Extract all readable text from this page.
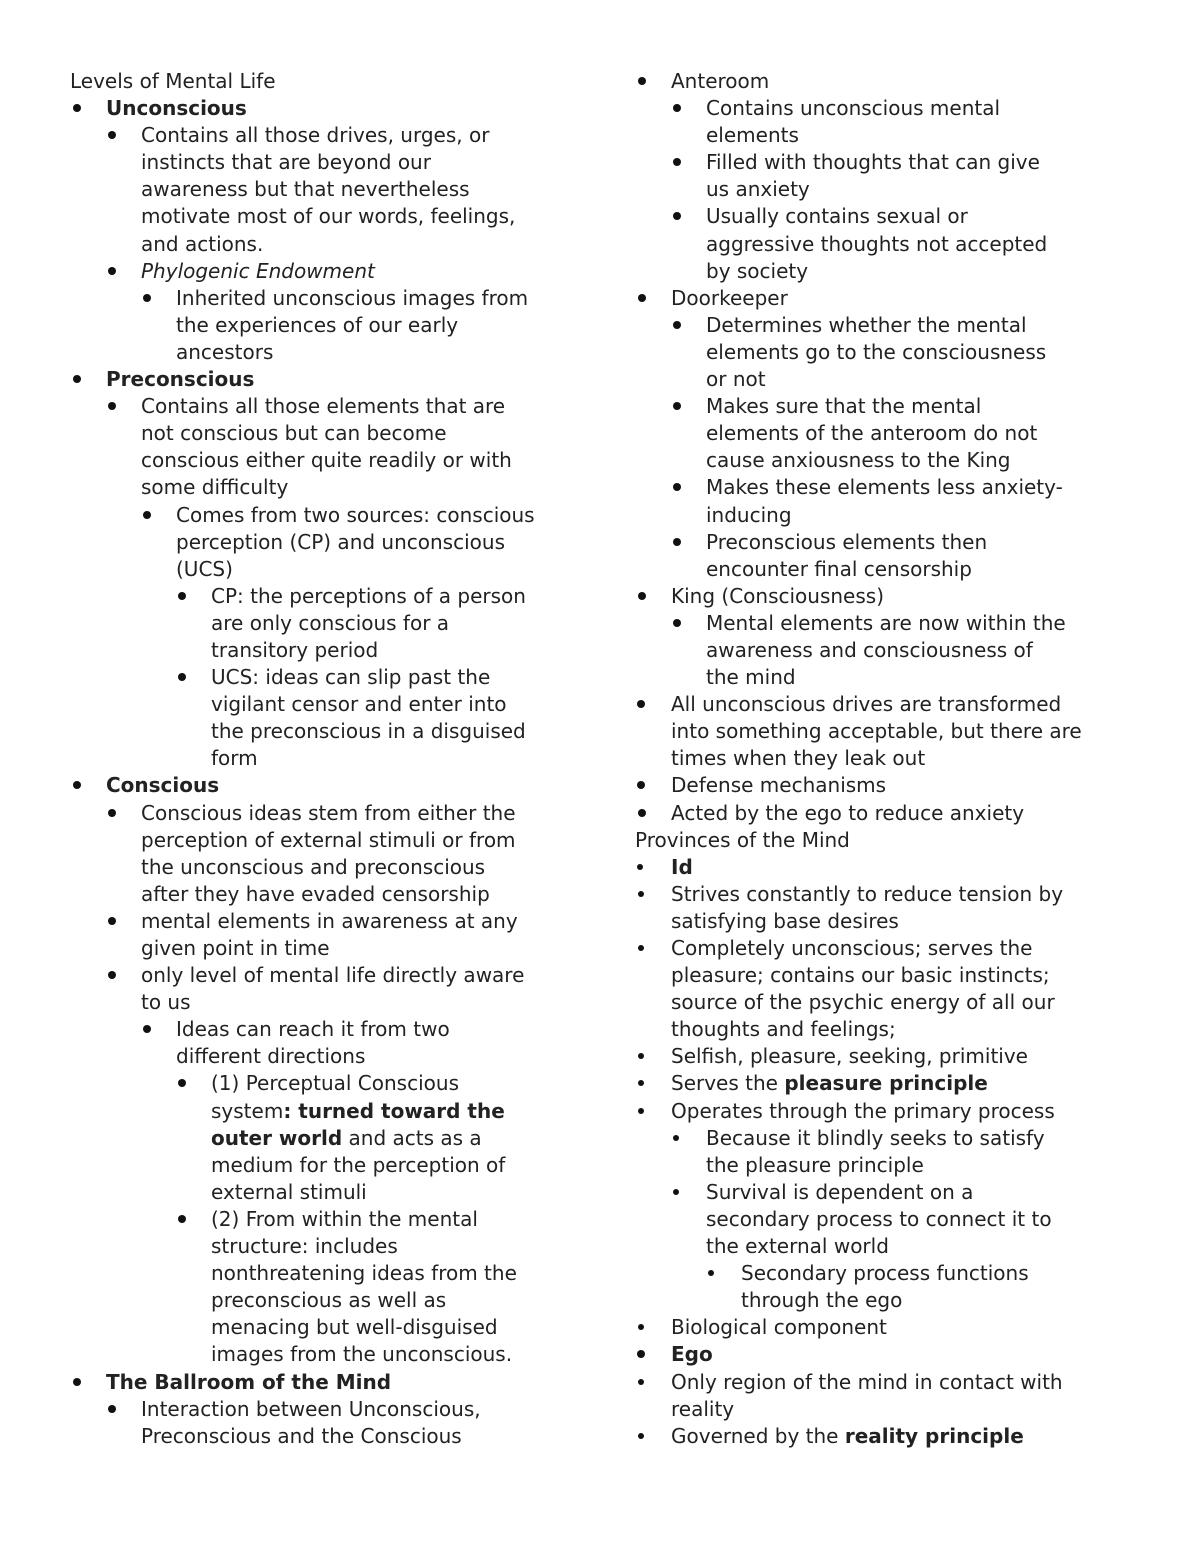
Levels of Mental Life
Unconscious
Contains all those drives, urges, or
instincts that are beyond our
awareness but that nevertheless
motivate most of our words, feelings,
and actions.
Phylogenic Endowment
Inherited unconscious images from
the experiences of our early
ancestors
Preconscious
Contains all those elements that are
not conscious but can become
conscious either quite readily or with
some difficulty
Comes from two sources: conscious
perception (CP) and unconscious
(UCS)
CP: the perceptions of a person
are only conscious for a
transitory period
UCS: ideas can slip past the
vigilant censor and enter into
the preconscious in a disguised
form
Conscious
Conscious ideas stem from either the
perception of external stimuli or from
the unconscious and preconscious
after they have evaded censorship
mental elements in awareness at any
given point in time
only level of mental life directly aware
to us
Ideas can reach it from two
different directions
(1) Perceptual Conscious
system: turned toward the
outer world and acts as a
medium for the perception of
external stimuli
(2) From within the mental
structure: includes
nonthreatening ideas from the
preconscious as well as
menacing but well-disguised
images from the unconscious.
The Ballroom of the Mind
Interaction between Unconscious,
Preconscious and the Conscious
Anteroom
Contains unconscious mental
elements
Filled with thoughts that can give
us anxiety
Usually contains sexual or
aggressive thoughts not accepted
by society
Doorkeeper
Determines whether the mental
elements go to the consciousness
or not
Makes sure that the mental
elements of the anteroom do not
cause anxiousness to the King
Makes these elements less anxiety-
inducing
Preconscious elements then
encounter final censorship
King (Consciousness)
Mental elements are now within the
awareness and consciousness of
the mind
All unconscious drives are transformed
into something acceptable, but there are
times when they leak out
Defense mechanisms
Acted by the ego to reduce anxiety
Provinces of the Mind
Id
Strives constantly to reduce tension by
satisfying base desires
Completely unconscious; serves the
pleasure; contains our basic instincts;
source of the psychic energy of all our
thoughts and feelings;
Selfish, pleasure, seeking, primitive
Serves the pleasure principle
Operates through the primary process
Because it blindly seeks to satisfy
the pleasure principle
Survival is dependent on a
secondary process to connect it to
the external world
Secondary process functions
through the ego
Biological component
Ego
Only region of the mind in contact with
reality
Governed by the reality principle
